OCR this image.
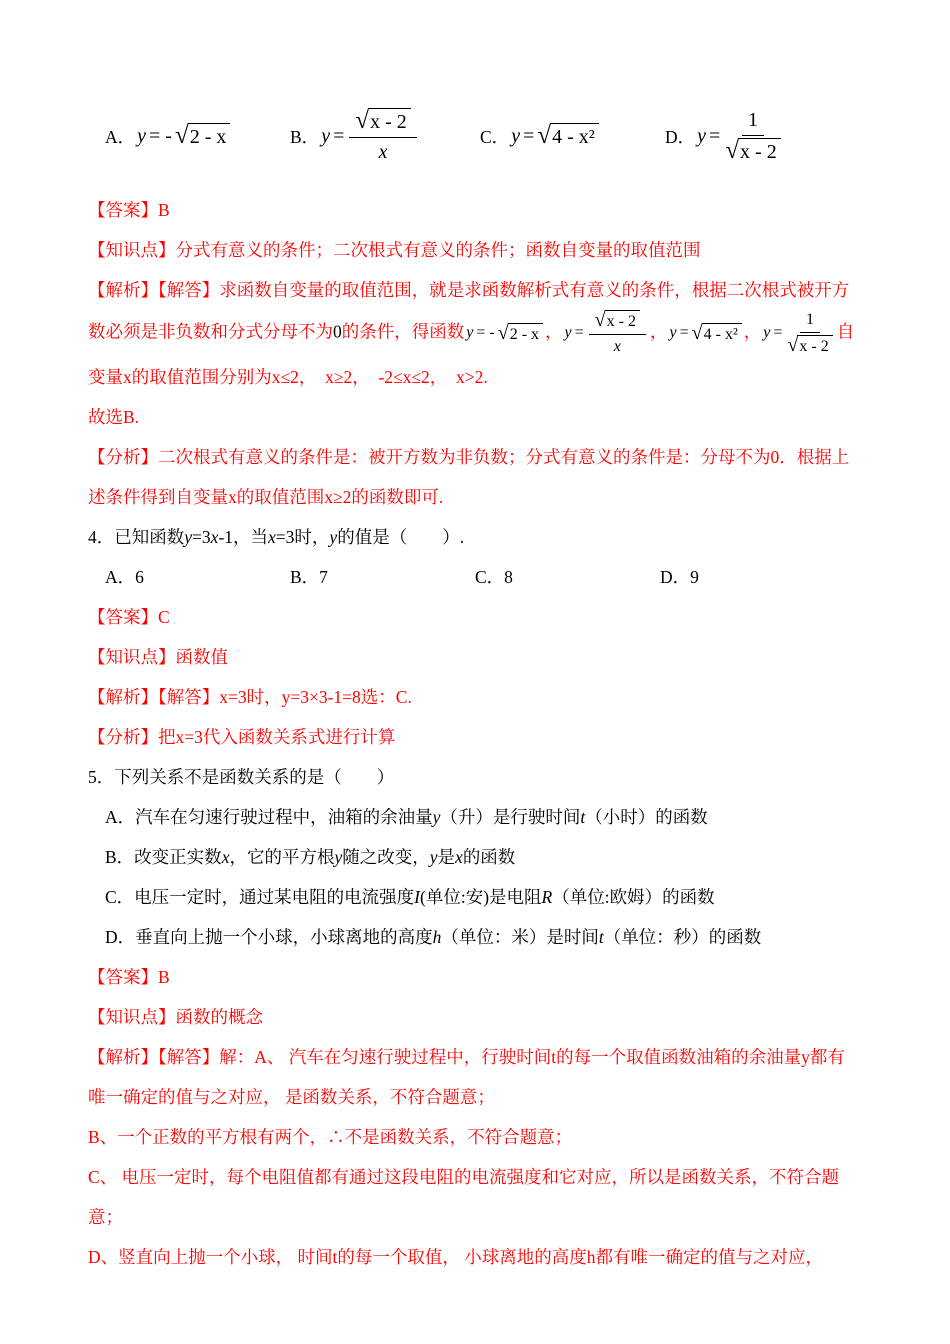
A． y = - √ 2 - x	B． $y = \frac{√ x - 2}{x}$	C． y = √ 4 - x²	D． $y = \frac{1}{√ x - 2}$

【答案】B

【知识点】分式有意义的条件；二次根式有意义的条件；函数自变量的取值范围

【解析】【解答】求函数自变量的取值范围，就是求函数解析式有意义的条件，根据二次根式被开方

数必须是非负数和分式分母不为0的条件，得函数 y = - √ 2 - x ， $y = \frac{√ x - 2}{x}$ ， y = √ 4 - x² ， $y = \frac{1}{√ x - 2}$ 自

变量x的取值范围分别为x≤2，　x≥2，　-2≤x≤2，　x>2.

故选B.

【分析】二次根式有意义的条件是：被开方数为非负数；分式有意义的条件是：分母不为0．根据上述条件得到自变量x的取值范围x≥2的函数即可.

4．已知函数y=3x-1，当x=3时，y的值是（　　）.

A．6	B．7	C．8	D．9

【答案】C

【知识点】函数值

【解析】【解答】x=3时，y=3×3-1=8选：C.

【分析】把x=3代入函数关系式进行计算

5．下列关系不是函数关系的是（　　）

A．汽车在匀速行驶过程中，油箱的余油量y（升）是行驶时间t（小时）的函数

B．改变正实数x，它的平方根y随之改变，y是x的函数

C．电压一定时，通过某电阻的电流强度I(单位:安)是电阻R（单位:欧姆）的函数

D．垂直向上抛一个小球，小球离地的高度h（单位：米）是时间t（单位：秒）的函数

【答案】B

【知识点】函数的概念

【解析】【解答】解：A、 汽车在匀速行驶过程中，行驶时间t的每一个取值函数油箱的余油量y都有唯一确定的值与之对应， 是函数关系，不符合题意；

B、一个正数的平方根有两个，∴不是函数关系，不符合题意；

C、 电压一定时，每个电阻值都有通过这段电阻的电流强度和它对应，所以是函数关系，不符合题意；

D、竖直向上抛一个小球， 时间t的每一个取值， 小球离地的高度h都有唯一确定的值与之对应，
